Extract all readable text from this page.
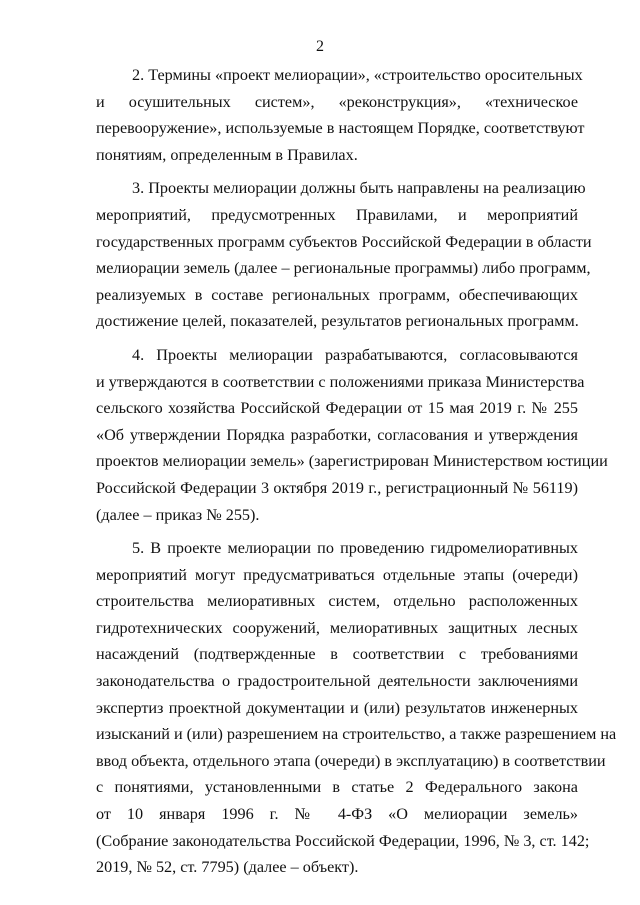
2
2. Термины «проект мелиорации», «строительство оросительных
и осушительных систем», «реконструкция», «техническое
перевооружение», используемые в настоящем Порядке, соответствуют
понятиям, определенным в Правилах.
3. Проекты мелиорации должны быть направлены на реализацию
мероприятий, предусмотренных Правилами, и мероприятий
государственных программ субъектов Российской Федерации в области
мелиорации земель (далее – региональные программы) либо программ,
реализуемых в составе региональных программ, обеспечивающих
достижение целей, показателей, результатов региональных программ.
4. Проекты мелиорации разрабатываются, согласовываются
и утверждаются в соответствии с положениями приказа Министерства
сельского хозяйства Российской Федерации от 15 мая 2019 г. № 255
«Об утверждении Порядка разработки, согласования и утверждения
проектов мелиорации земель» (зарегистрирован Министерством юстиции
Российской Федерации 3 октября 2019 г., регистрационный № 56119)
(далее – приказ № 255).
5. В проекте мелиорации по проведению гидромелиоративных
мероприятий могут предусматриваться отдельные этапы (очереди)
строительства мелиоративных систем, отдельно расположенных
гидротехнических сооружений, мелиоративных защитных лесных
насаждений (подтвержденные в соответствии с требованиями
законодательства о градостроительной деятельности заключениями
экспертиз проектной документации и (или) результатов инженерных
изысканий и (или) разрешением на строительство, а также разрешением на
ввод объекта, отдельного этапа (очереди) в эксплуатацию) в соответствии
с понятиями, установленными в статье 2 Федерального закона
от 10 января 1996 г. № 4-ФЗ «О мелиорации земель»
(Собрание законодательства Российской Федерации, 1996, № 3, ст. 142;
2019, № 52, ст. 7795) (далее – объект).
